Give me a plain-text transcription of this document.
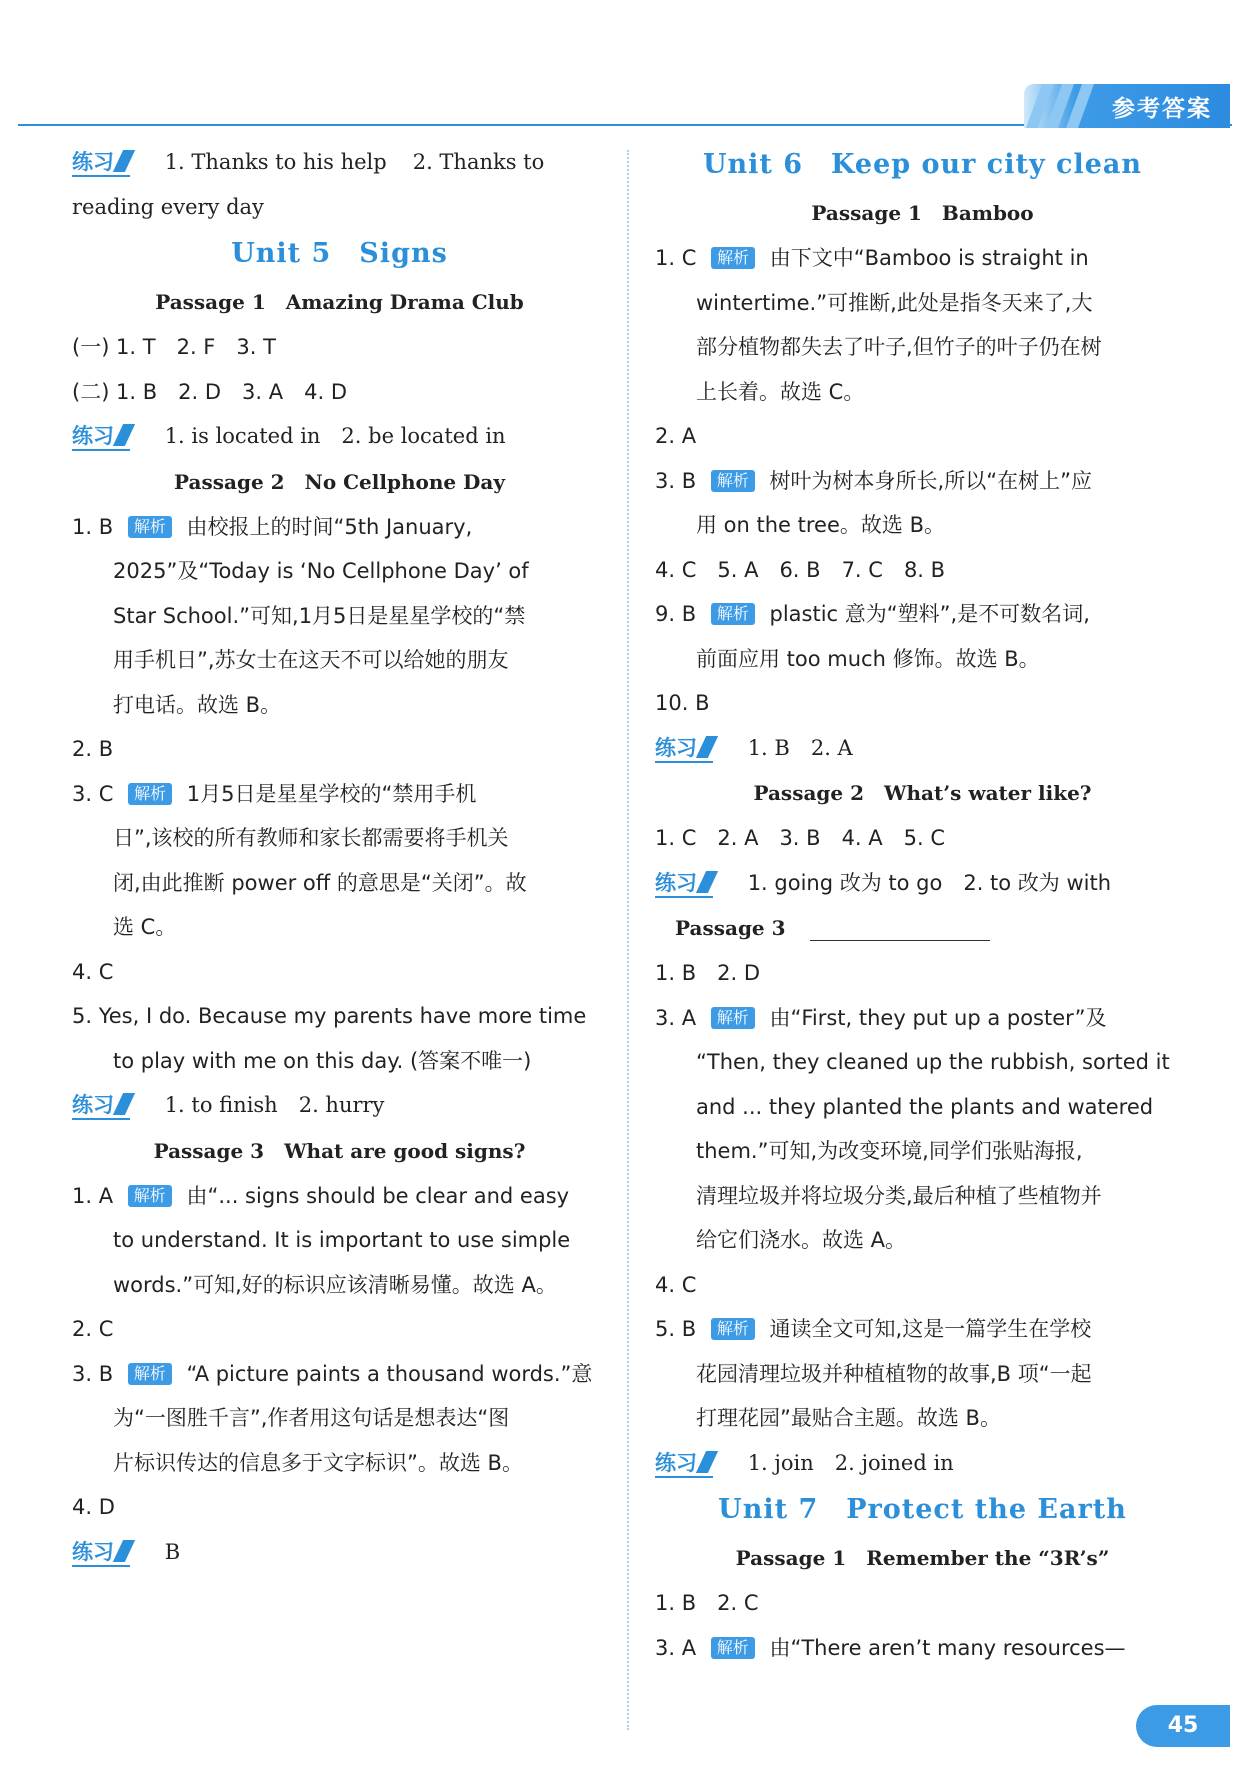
参考答案
练习 1. Thanks to his help 2. Thanks to
reading every day
Unit 5　Signs
Passage 1　Amazing Drama Club
(一) 1. T　2. F　3. T
(二) 1. B　2. D　3. A　4. D
练习 1. is located in　2. be located in
Passage 2　No Cellphone Day
1. B 解析 由校报上的时间“5th January,
2025”及“Today is ‘No Cellphone Day’ of
Star School.”可知,1月5日是星星学校的“禁
用手机日”,苏女士在这天不可以给她的朋友
打电话。故选 B。
2. B
3. C 解析 1月5日是星星学校的“禁用手机
日”,该校的所有教师和家长都需要将手机关
闭,由此推断 power off 的意思是“关闭”。故
选 C。
4. C
5. Yes, I do. Because my parents have more time
to play with me on this day. (答案不唯一)
练习 1. to finish　2. hurry
Passage 3　What are good signs?
1. A 解析 由“... signs should be clear and easy
to understand. It is important to use simple
words.”可知,好的标识应该清晰易懂。故选 A。
2. C
3. B 解析 “A picture paints a thousand words.”意
为“一图胜千言”,作者用这句话是想表达“图
片标识传达的信息多于文字标识”。故选 B。
4. D
练习 B
Unit 6　Keep our city clean
Passage 1　Bamboo
1. C 解析 由下文中“Bamboo is straight in
wintertime.”可推断,此处是指冬天来了,大
部分植物都失去了叶子,但竹子的叶子仍在树
上长着。故选 C。
2. A
3. B 解析 树叶为树本身所长,所以“在树上”应
用 on the tree。故选 B。
4. C　5. A　6. B　7. C　8. B
9. B 解析 plastic 意为“塑料”,是不可数名词,
前面应用 too much 修饰。故选 B。
10. B
练习 1. B　2. A
Passage 2　What’s water like?
1. C　2. A　3. B　4. A　5. C
练习 1. going 改为 to go　2. to 改为 with
Passage 3
1. B　2. D
3. A 解析 由“First, they put up a poster”及
“Then, they cleaned up the rubbish, sorted it
and ... they planted the plants and watered
them.”可知,为改变环境,同学们张贴海报,
清理垃圾并将垃圾分类,最后种植了些植物并
给它们浇水。故选 A。
4. C
5. B 解析 通读全文可知,这是一篇学生在学校
花园清理垃圾并种植植物的故事,B 项“一起
打理花园”最贴合主题。故选 B。
练习 1. join　2. joined in
Unit 7　Protect the Earth
Passage 1　Remember the “3R’s”
1. B　2. C
3. A 解析 由“There aren’t many resources—
45
